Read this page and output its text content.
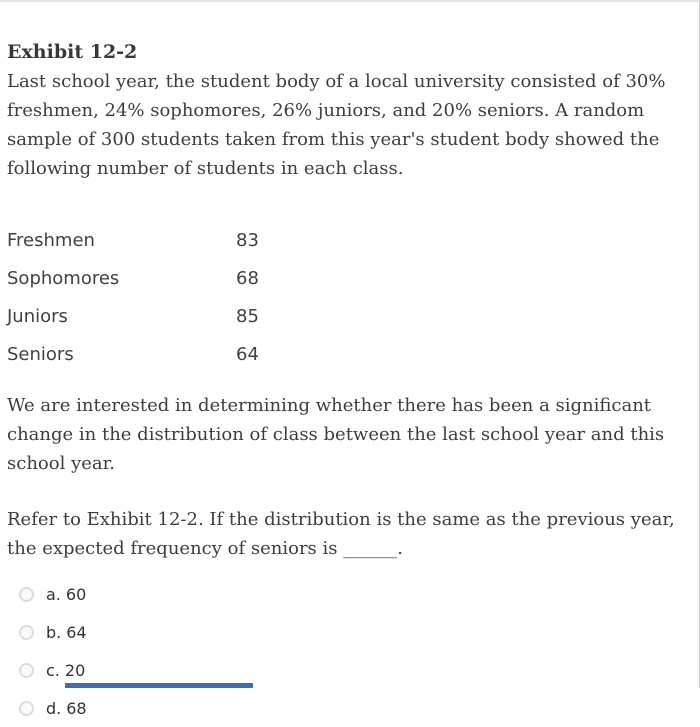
Exhibit 12-2

Last school year, the student body of a local university consisted of 30% freshmen, 24% sophomores, 26% juniors, and 20% seniors. A random sample of 300 students taken from this year's student body showed the following number of students in each class.

Freshmen	83
Sophomores	68
Juniors	85
Seniors	64

We are interested in determining whether there has been a significant change in the distribution of class between the last school year and this school year.

Refer to Exhibit 12-2. If the distribution is the same as the previous year, the expected frequency of seniors is ______.

a. 60
b. 64
c. 20
d. 68
